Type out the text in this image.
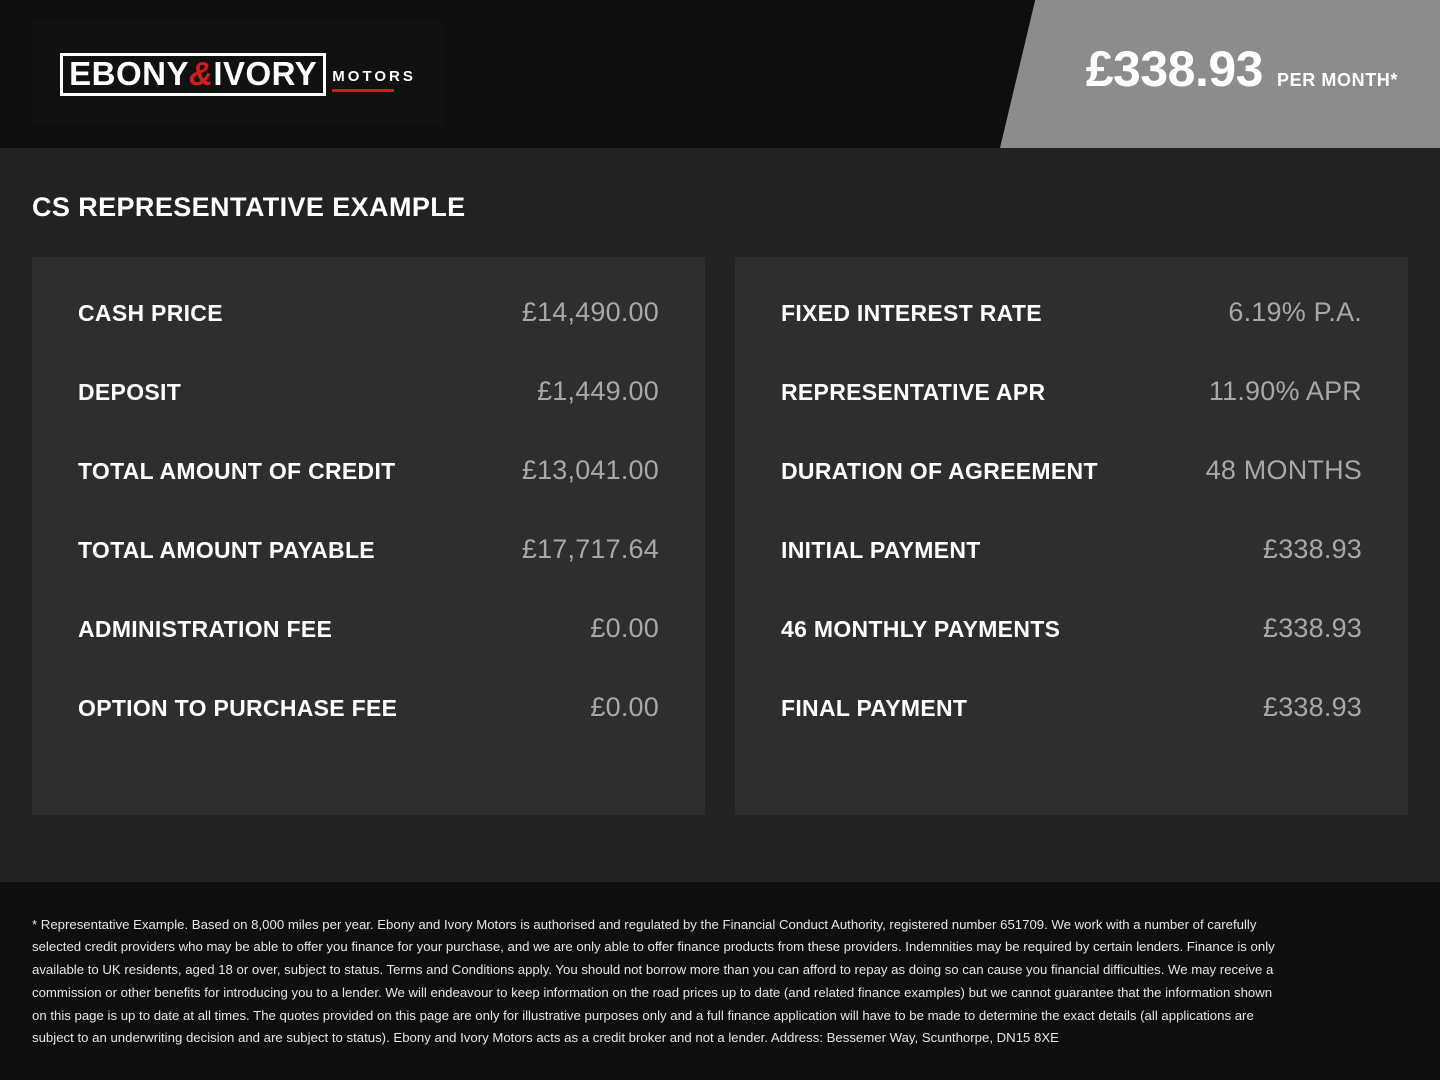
EBONY&IVORY	MOTORS	£338.93 PER MONTH*
CS REPRESENTATIVE EXAMPLE
CASH PRICE	£14,490.00
DEPOSIT	£1,449.00
TOTAL AMOUNT OF CREDIT	£13,041.00
TOTAL AMOUNT PAYABLE	£17,717.64
ADMINISTRATION FEE	£0.00
OPTION TO PURCHASE FEE	£0.00
FIXED INTEREST RATE	6.19% P.A.
REPRESENTATIVE APR	11.90% APR
DURATION OF AGREEMENT	48 MONTHS
INITIAL PAYMENT	£338.93
46 MONTHLY PAYMENTS	£338.93
FINAL PAYMENT	£338.93

* Representative Example. Based on 8,000 miles per year. Ebony and Ivory Motors is authorised and regulated by the Financial Conduct Authority, registered number 651709. We work with a number of carefully selected credit providers who may be able to offer you finance for your purchase, and we are only able to offer finance products from these providers. Indemnities may be required by certain lenders. Finance is only available to UK residents, aged 18 or over, subject to status. Terms and Conditions apply. You should not borrow more than you can afford to repay as doing so can cause you financial difficulties. We may receive a commission or other benefits for introducing you to a lender. We will endeavour to keep information on the road prices up to date (and related finance examples) but we cannot guarantee that the information shown on this page is up to date at all times. The quotes provided on this page are only for illustrative purposes only and a full finance application will have to be made to determine the exact details (all applications are subject to an underwriting decision and are subject to status). Ebony and Ivory Motors acts as a credit broker and not a lender. Address: Bessemer Way, Scunthorpe, DN15 8XE
